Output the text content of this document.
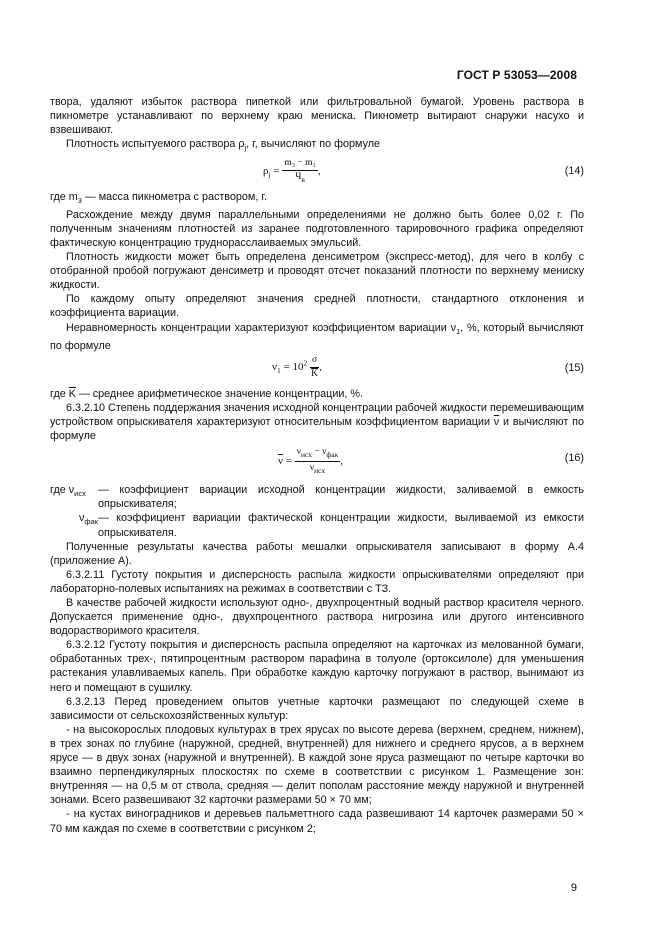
ГОСТ Р 53053—2008

твора, удаляют избыток раствора пипеткой или фильтровальной бумагой. Уровень раствора в пикнометре устанавливают по верхнему краю мениска. Пикнометр вытирают снаружи насухо и взвешивают.

Плотность испытуемого раствора $\rho_j$, г, вычисляют по формуле

$\rho_j = \frac{\text{m₃ − m₁}}{Ч_в}$ ,	(14)

где $m_3$ — масса пикнометра с раствором, г.

Расхождение между двумя параллельными определениями не должно быть более 0,02 г. По полученным значениям плотностей из заранее подготовленного тарировочного графика определяют фактическую концентрацию труднорасслаиваемых эмульсий.

Плотность жидкости может быть определена денсиметром (экспресс-метод), для чего в колбу с отобранной пробой погружают денсиметр и проводят отсчет показаний плотности по верхнему мениску жидкости.

По каждому опыту определяют значения средней плотности, стандартного отклонения и коэффициента вариации.

Неравномерность концентрации характеризуют коэффициентом вариации $\nu_1$, %, который вычисляют по формуле

$\nu_1 = 10^2 \frac{\sigma}{K}$ ,	(15)

где $\overline{K}$ — среднее арифметическое значение концентрации, %.

6.3.2.10 Степень поддержания значения исходной концентрации рабочей жидкости перемешивающим устройством опрыскивателя характеризуют относительным коэффициентом вариации $\overline{\nu}$ и вычисляют по формуле

$\overline{\nu} = \frac{\nu_{исх} - \nu_{фак}}{\nu_{исх}}$ ,	(16)
где $\nu_{исх}$	— коэффициент вариации исходной концентрации жидкости, заливаемой в емкость опрыскивателя;
$\nu_{фак}$ — коэффициент вариации фактической концентрации жидкости, выливаемой из емкости опрыскивателя.

Полученные результаты качества работы мешалки опрыскивателя записывают в форму А.4 (приложение А).

6.3.2.11 Густоту покрытия и дисперсность распыла жидкости опрыскивателями определяют при лабораторно-полевых испытаниях на режимах в соответствии с ТЗ.

В качестве рабочей жидкости используют одно-, двухпроцентный водный раствор красителя черного. Допускается применение одно-, двухпроцентного раствора нигрозина или другого интенсивного водорастворимого красителя.

6.3.2.12 Густоту покрытия и дисперсность распыла определяют на карточках из мелованной бумаги, обработанных трех-, пятипроцентным раствором парафина в толуоле (ортоксилоле) для уменьшения растекания улавливаемых капель. При обработке каждую карточку погружают в раствор, вынимают из него и помещают в сушилку.

6.3.2.13 Перед проведением опытов учетные карточки размещают по следующей схеме в зависимости от сельскохозяйственных культур:

- на высокорослых плодовых культурах в трех ярусах по высоте дерева (верхнем, среднем, нижнем), в трех зонах по глубине (наружной, средней, внутренней) для нижнего и среднего ярусов, а в верхнем ярусе — в двух зонах (наружной и внутренней). В каждой зоне яруса размещают по четыре карточки во взаимно перпендикулярных плоскостях по схеме в соответствии с рисунком 1. Размещение зон: внутренняя — на 0,5 м от ствола, средняя — делит пополам расстояние между наружной и внутренней зонами. Всего развешивают 32 карточки размерами 50 × 70 мм;

- на кустах виноградников и деревьев пальметтного сада развешивают 14 карточек размерами 50 × 70 мм каждая по схеме в соответствии с рисунком 2;

9
